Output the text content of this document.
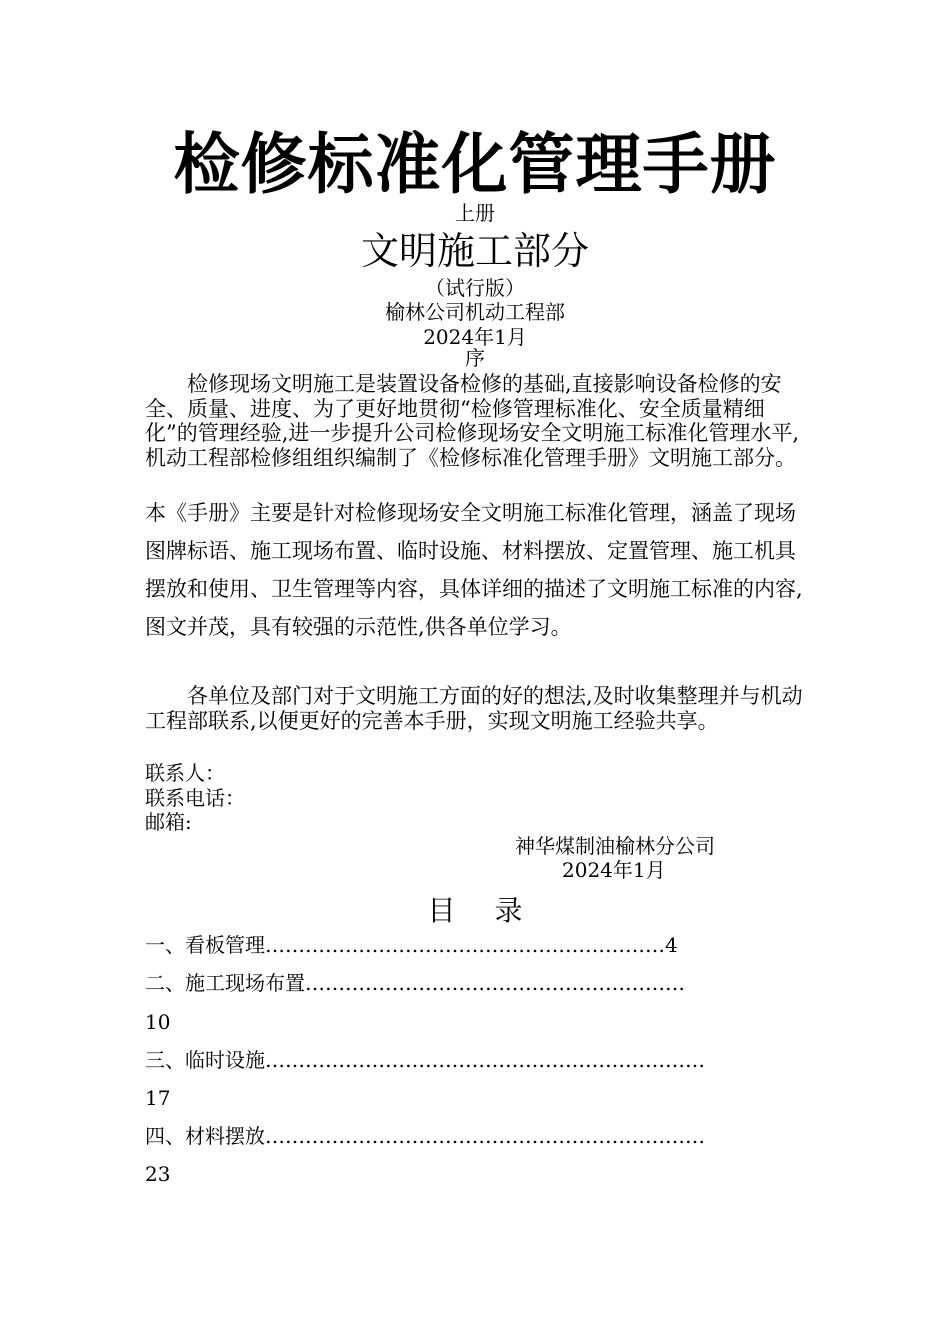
检修标准化管理手册
上册
文明施工部分
（试行版）
榆林公司机动工程部
2024年1月
序
检修现场文明施工是装置设备检修的基础,直接影响设备检修的安全、质量、进度、为了更好地贯彻“检修管理标准化、安全质量精细化”的管理经验,进一步提升公司检修现场安全文明施工标准化管理水平,机动工程部检修组组织编制了《检修标准化管理手册》文明施工部分。
本《手册》主要是针对检修现场安全文明施工标准化管理，涵盖了现场图牌标语、施工现场布置、临时设施、材料摆放、定置管理、施工机具摆放和使用、卫生管理等内容，具体详细的描述了文明施工标准的内容,图文并茂，具有较强的示范性,供各单位学习。
各单位及部门对于文明施工方面的好的想法,及时收集整理并与机动工程部联系,以便更好的完善本手册，实现文明施工经验共享。
联系人：
联系电话：
邮箱:
神华煤制油榆林分公司
2024年1月
目 录
一、看板管理……………………………………………………4
二、施工现场布置…………………………………………………
10
三、临时设施…………………………………………………………
17
四、材料摆放…………………………………………………………
23
